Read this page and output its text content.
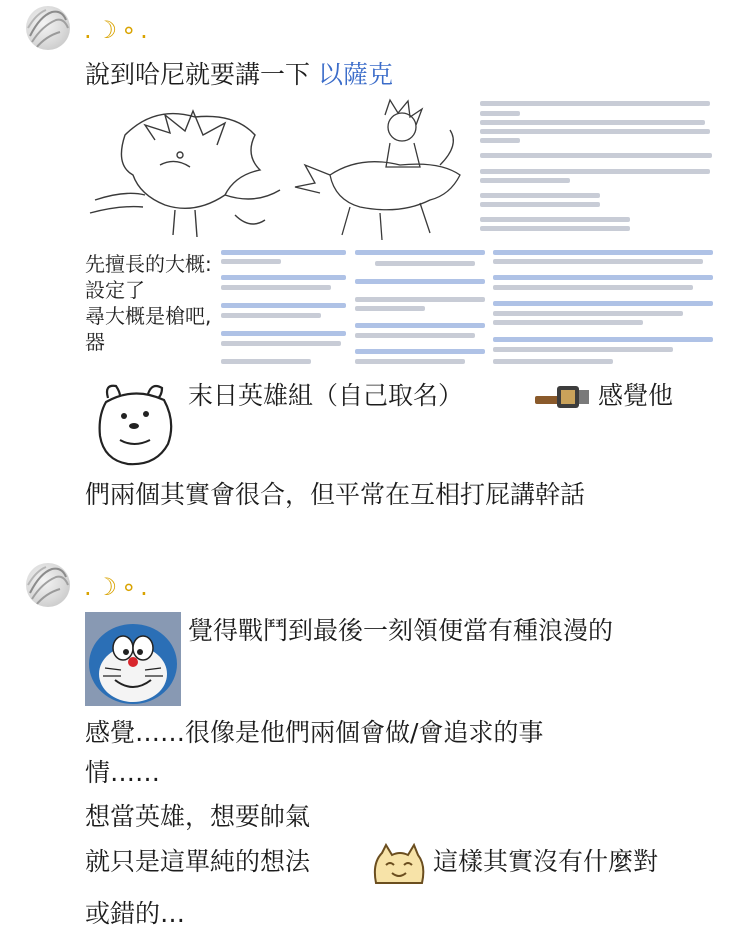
.☽∘.
說到哈尼就要講一下 以薩克
先擅長的大概:
設定了
尋大概是槍吧,
器
末日英雄組（自己取名）	感覺他
們兩個其實會很合，但平常在互相打屁講幹話
.☽∘.
覺得戰鬥到最後一刻領便當有種浪漫的
感覺……很像是他們兩個會做/會追求的事
情……
想當英雄，想要帥氣
就只是這單純的想法	這樣其實沒有什麼對
或錯的…
